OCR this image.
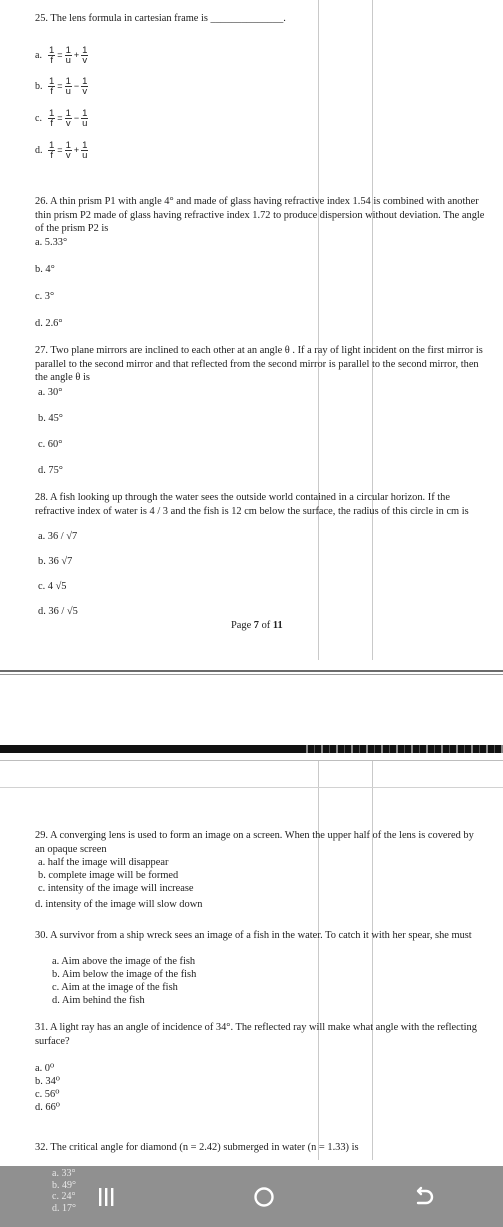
25. The lens formula in cartesian frame is ______________.
a. $\frac{1}{f} = \frac{1}{u} + \frac{1}{v}$
b. $\frac{1}{f} = \frac{1}{u} - \frac{1}{v}$
c. $\frac{1}{f} = \frac{1}{v} - \frac{1}{u}$
d. $\frac{1}{f} = \frac{1}{v} + \frac{1}{u}$
26. A thin prism P1 with angle 4° and made of glass having refractive index 1.54 is combined with another thin prism P2 made of glass having refractive index 1.72 to produce dispersion without deviation. The angle of the prism P2 is
a. 5.33°
b. 4°
c. 3°
d. 2.6°
27. Two plane mirrors are inclined to each other at an angle θ . If a ray of light incident on the first mirror is parallel to the second mirror and that reflected from the second mirror is parallel to the second mirror, then the angle θ is
a. 30°
b. 45°
c. 60°
d. 75°
28. A fish looking up through the water sees the outside world contained in a circular horizon. If the refractive index of water is 4 / 3 and the fish is 12 cm below the surface, the radius of this circle in cm is
a. 36 / √7
b. 36 √7
c. 4 √5
d. 36 / √5
Page 7 of 11
29. A converging lens is used to form an image on a screen. When the upper half of the lens is covered by an opaque screen
a. half the image will disappear
b. complete image will be formed
c. intensity of the image will increase
d. intensity of the image will slow down
30. A survivor from a ship wreck sees an image of a fish in the water. To catch it with her spear, she must
a. Aim above the image of the fish
b. Aim below the image of the fish
c. Aim at the image of the fish
d. Aim behind the fish
31. A light ray has an angle of incidence of 34°. The reflected ray will make what angle with the reflecting surface?
a. 0⁰
b. 34⁰
c. 56⁰
d. 66⁰
32. The critical angle for diamond (n = 2.42) submerged in water (n = 1.33) is
a. 33°
b. 49°
c. 24°
d. 17°
